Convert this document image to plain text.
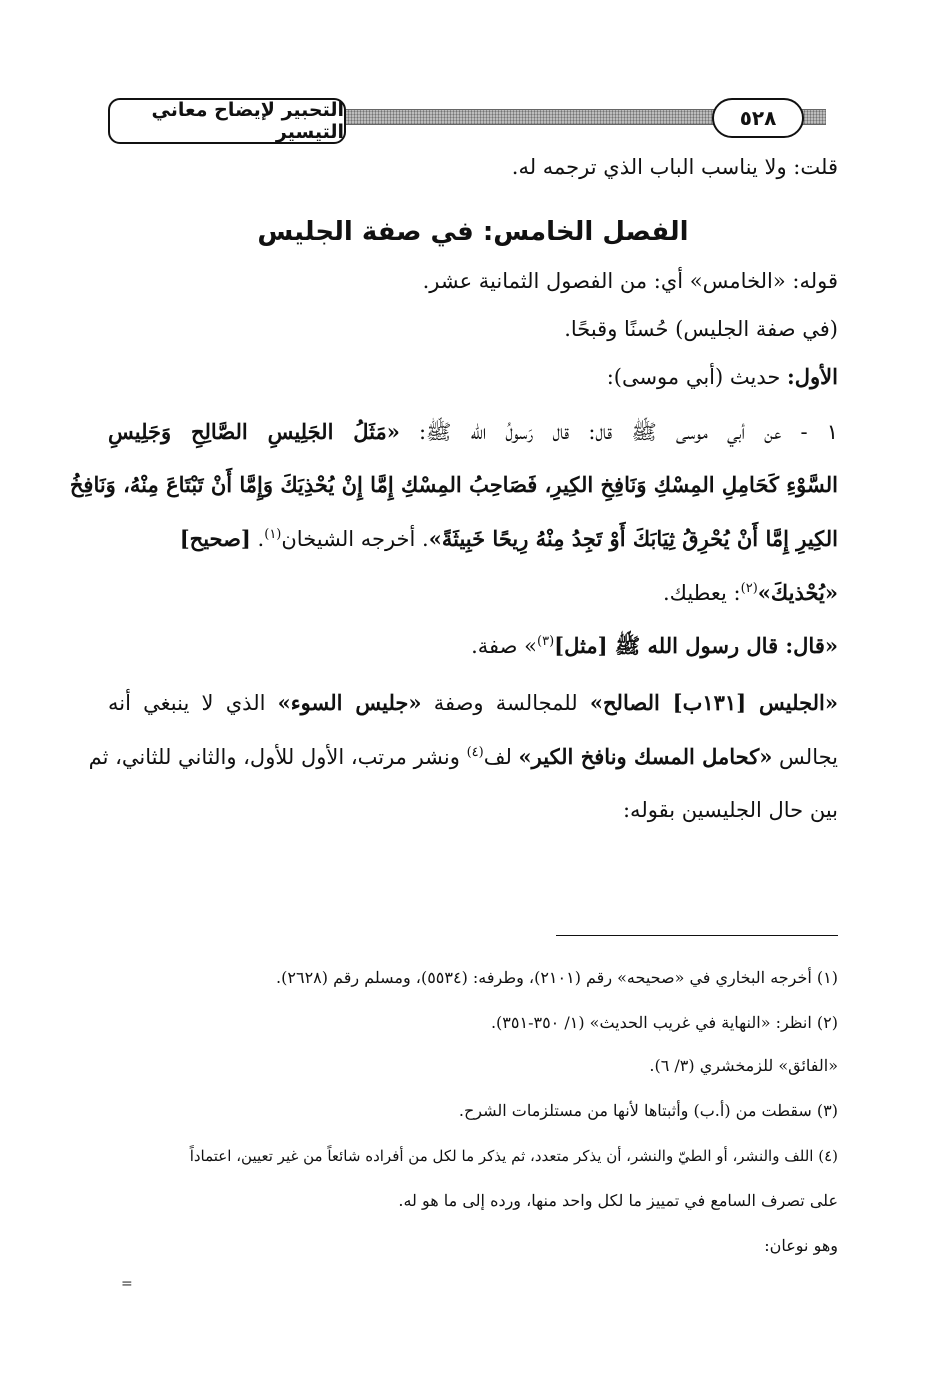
التحبير لإيضاح معاني التيسير
٥٢٨
قلت: ولا يناسب الباب الذي ترجمه له.
الفصل الخامس: في صفة الجليس
قوله: «الخامس» أي: من الفصول الثمانية عشر.
(في صفة الجليس) حُسنًا وقبحًا.
الأول: حديث (أبي موسى):
١ - عن أبي موسى ﷺ قال: قال رَسولُ الله ﷺ: «مَثَلُ الجَلِيسِ الصَّالِحِ وَجَلِيسِ
السَّوْءِ كَحَامِلِ المِسْكِ وَنَافِخِ الكِيرِ، فَصَاحِبُ المِسْكِ إِمَّا إِنْ يُحْذِيَكَ وَإِمَّا أَنْ تَبْتَاعَ مِنْهُ، وَنَافِخُ
الكِيرِ إِمَّا أَنْ يُحْرِقُ ثِيَابَكَ أَوْ تَجِدُ مِنْهُ رِيحًا خَبِيثَةً». أخرجه الشيخان$^{(١)}$. [صحيح]
«يُحْذيكَ»$^{(٢)}$: يعطيك.
«قال: قال رسول الله ﷺ [مثل]$^{(٣)}$» صفة.
«الجليس [١٣١ب] الصالح» للمجالسة وصفة «جليس السوء» الذي لا ينبغي أنه
يجالس «كحامل المسك ونافخ الكير» لف$^{(٤)}$ ونشر مرتب، الأول للأول، والثاني للثاني، ثم
بين حال الجليسين بقوله:
(١) أخرجه البخاري في «صحيحه» رقم (٢١٠١)، وطرفه: (٥٥٣٤)، ومسلم رقم (٢٦٢٨).
(٢) انظر: «النهاية في غريب الحديث» (١/ ٣٥٠-٣٥١).
«الفائق» للزمخشري (٣/ ٦).
(٣) سقطت من (أ.ب) وأثبتاها لأنها من مستلزمات الشرح.
(٤) اللف والنشر، أو الطيّ والنشر، أن يذكر متعدد، ثم يذكر ما لكل من أفراده شائعاً من غير تعيين، اعتماداً
على تصرف السامع في تمييز ما لكل واحد منها، ورده إلى ما هو له.
وهو نوعان:
=
